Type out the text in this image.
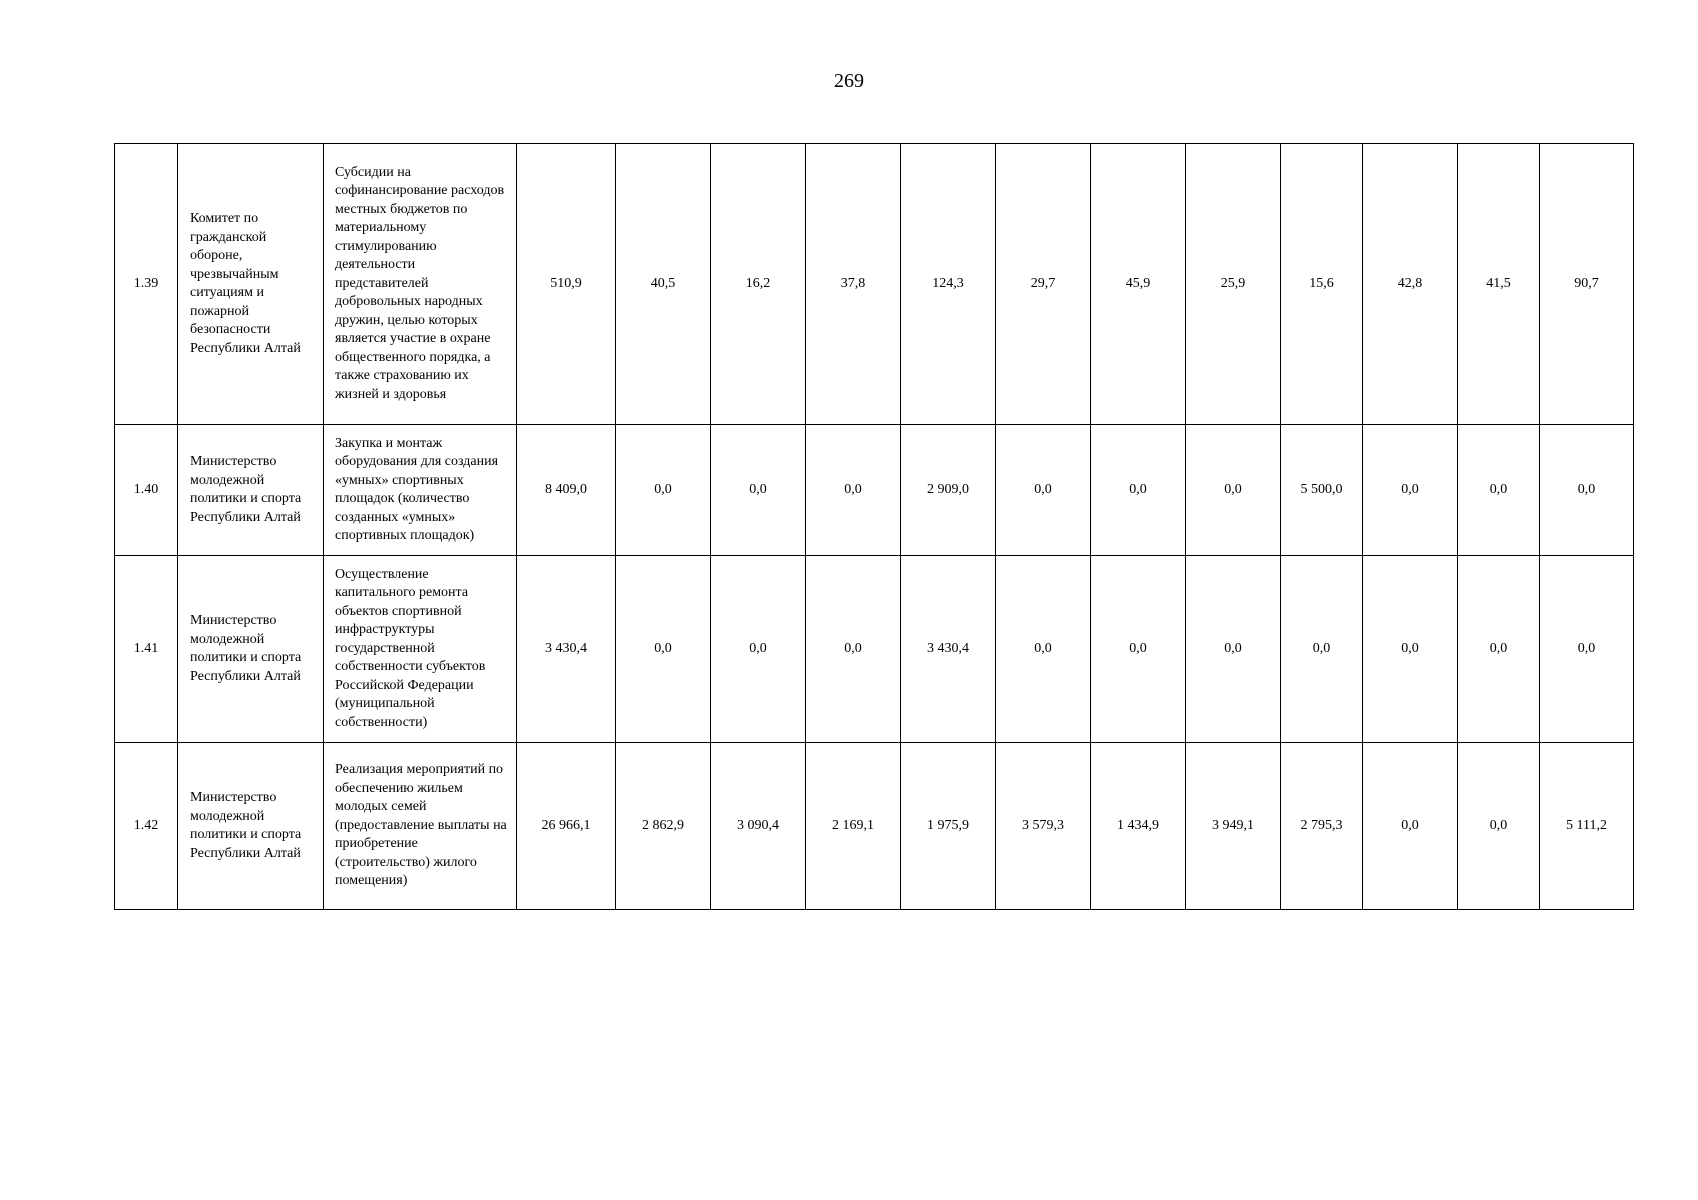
269
1.39	Комитет по гражданской обороне, чрезвычайным ситуациям и пожарной безопасности Республики Алтай	Субсидии на софинансирование расходов местных бюджетов по материальному стимулированию деятельности представителей добровольных народных дружин, целью которых является участие в охране общественного порядка, а также страхованию их жизней и здоровья	510,9	40,5	16,2	37,8	124,3	29,7	45,9	25,9	15,6	42,8	41,5	90,7
1.40	Министерство молодежной политики и спорта Республики Алтай	Закупка и монтаж оборудования для создания «умных» спортивных площадок (количество созданных «умных» спортивных площадок)	8 409,0	0,0	0,0	0,0	2 909,0	0,0	0,0	0,0	5 500,0	0,0	0,0	0,0
1.41	Министерство молодежной политики и спорта Республики Алтай	Осуществление капитального ремонта объектов спортивной инфраструктуры государственной собственности субъектов Российской Федерации (муниципальной собственности)	3 430,4	0,0	0,0	0,0	3 430,4	0,0	0,0	0,0	0,0	0,0	0,0	0,0
1.42	Министерство молодежной политики и спорта Республики Алтай	Реализация мероприятий по обеспечению жильем молодых семей (предоставление выплаты на приобретение (строительство) жилого помещения)	26 966,1	2 862,9	3 090,4	2 169,1	1 975,9	3 579,3	1 434,9	3 949,1	2 795,3	0,0	0,0	5 111,2
